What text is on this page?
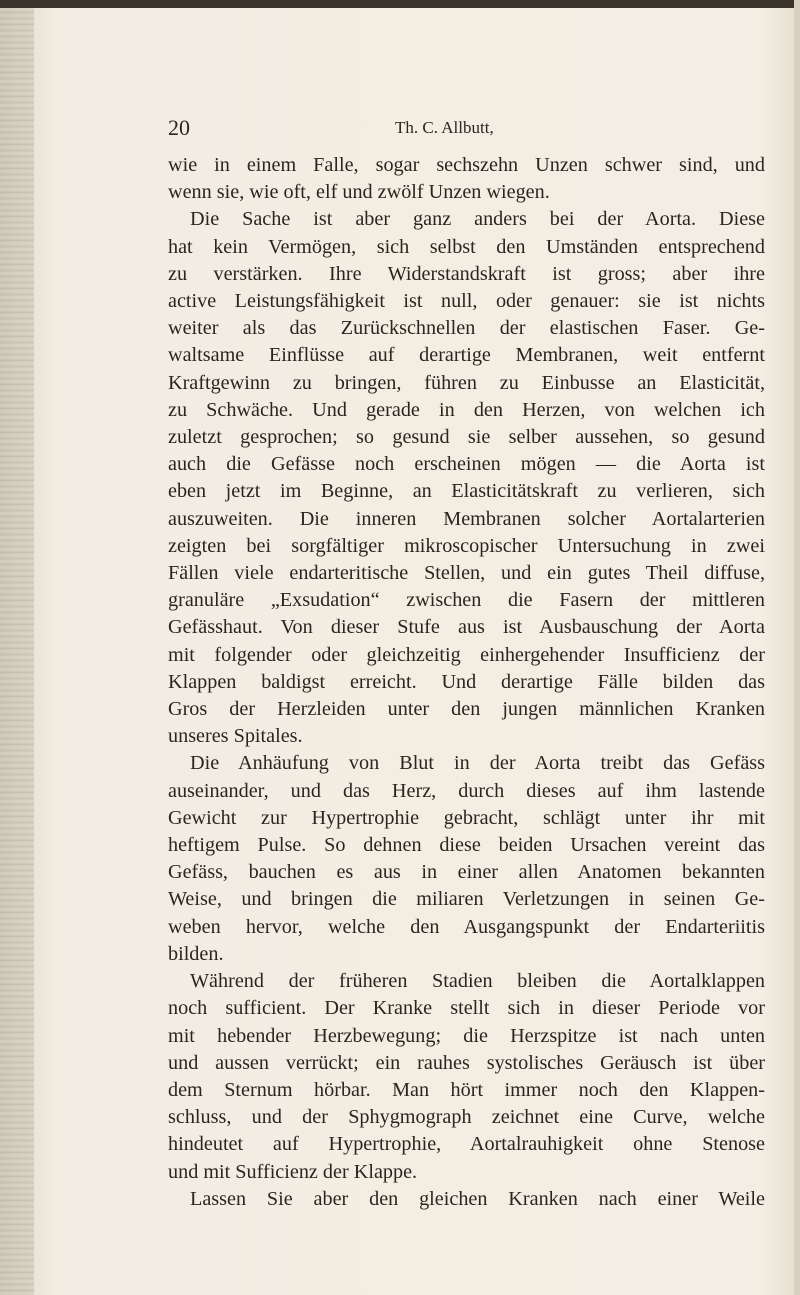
20	Th. C. Allbutt,
wie in einem Falle, sogar sechszehn Unzen schwer sind, und
wenn sie, wie oft, elf und zwölf Unzen wiegen.
Die Sache ist aber ganz anders bei der Aorta. Diese
hat kein Vermögen, sich selbst den Umständen entsprechend
zu verstärken. Ihre Widerstandskraft ist gross; aber ihre
active Leistungsfähigkeit ist null, oder genauer: sie ist nichts
weiter als das Zurückschnellen der elastischen Faser. Ge-
waltsame Einflüsse auf derartige Membranen, weit entfernt
Kraftgewinn zu bringen, führen zu Einbusse an Elasticität,
zu Schwäche. Und gerade in den Herzen, von welchen ich
zuletzt gesprochen; so gesund sie selber aussehen, so gesund
auch die Gefässe noch erscheinen mögen — die Aorta ist
eben jetzt im Beginne, an Elasticitätskraft zu verlieren, sich
auszuweiten. Die inneren Membranen solcher Aortalarterien
zeigten bei sorgfältiger mikroscopischer Untersuchung in zwei
Fällen viele endarteritische Stellen, und ein gutes Theil diffuse,
granuläre „Exsudation“ zwischen die Fasern der mittleren
Gefässhaut. Von dieser Stufe aus ist Ausbauschung der Aorta
mit folgender oder gleichzeitig einhergehender Insufficienz der
Klappen baldigst erreicht. Und derartige Fälle bilden das
Gros der Herzleiden unter den jungen männlichen Kranken
unseres Spitales.
Die Anhäufung von Blut in der Aorta treibt das Gefäss
auseinander, und das Herz, durch dieses auf ihm lastende
Gewicht zur Hypertrophie gebracht, schlägt unter ihr mit
heftigem Pulse. So dehnen diese beiden Ursachen vereint das
Gefäss, bauchen es aus in einer allen Anatomen bekannten
Weise, und bringen die miliaren Verletzungen in seinen Ge-
weben hervor, welche den Ausgangspunkt der Endarteriitis
bilden.
Während der früheren Stadien bleiben die Aortalklappen
noch sufficient. Der Kranke stellt sich in dieser Periode vor
mit hebender Herzbewegung; die Herzspitze ist nach unten
und aussen verrückt; ein rauhes systolisches Geräusch ist über
dem Sternum hörbar. Man hört immer noch den Klappen-
schluss, und der Sphygmograph zeichnet eine Curve, welche
hindeutet auf Hypertrophie, Aortalrauhigkeit ohne Stenose
und mit Sufficienz der Klappe.
Lassen Sie aber den gleichen Kranken nach einer Weile
